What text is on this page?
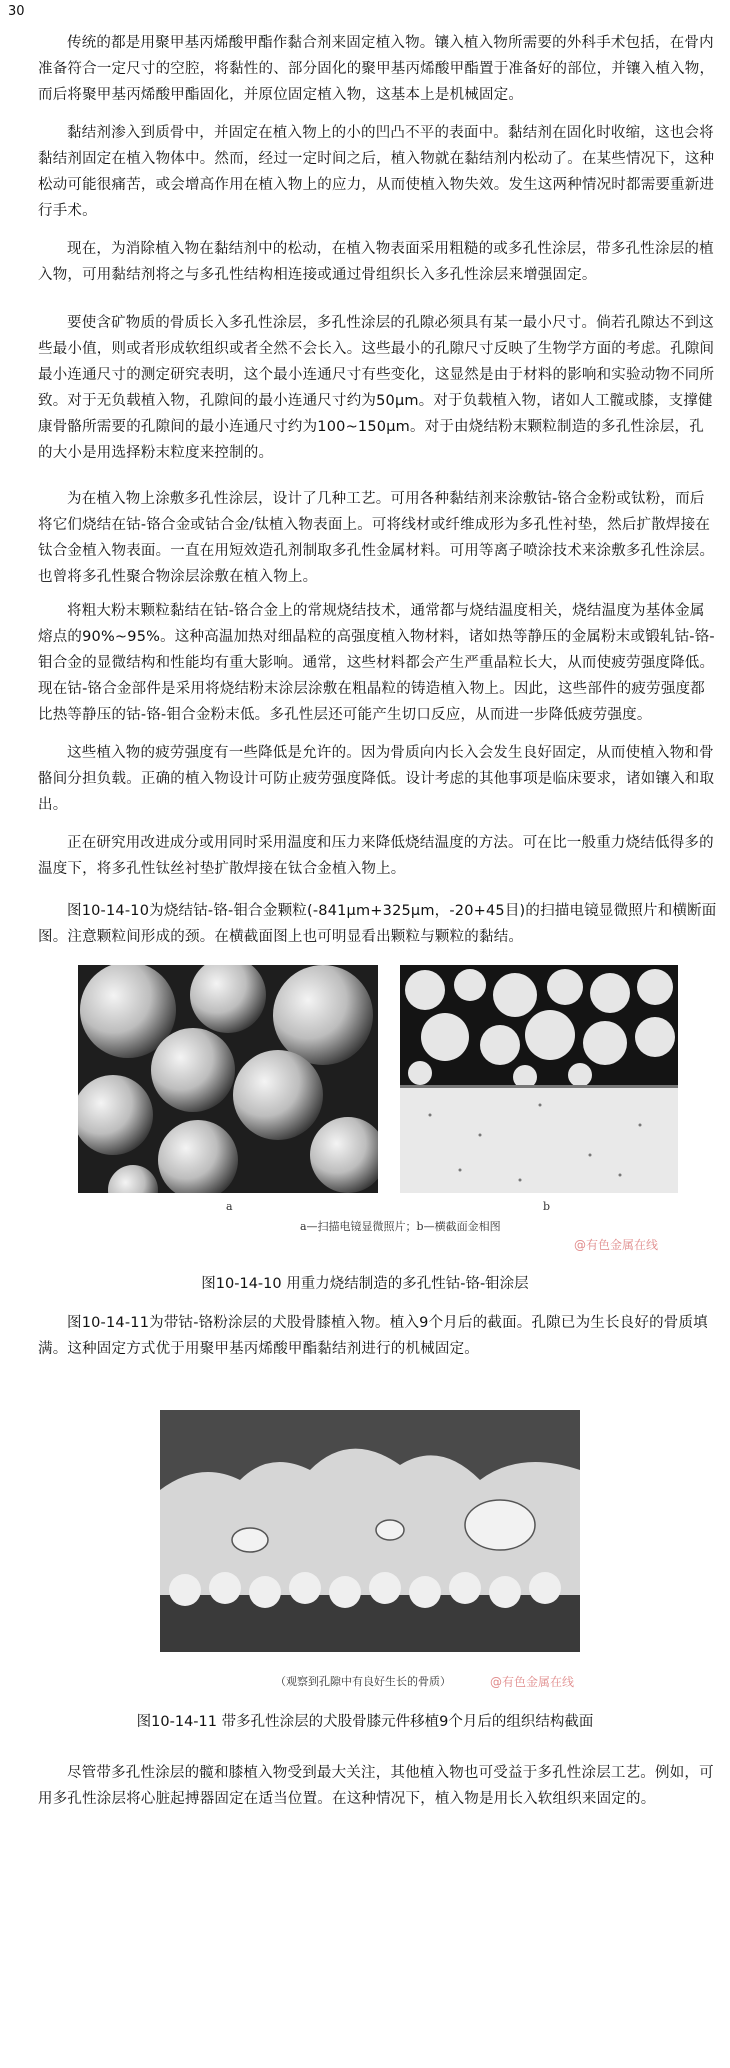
30

传统的都是用聚甲基丙烯酸甲酯作黏合剂来固定植入物。镶入植入物所需要的外科手术包括，在骨内准备符合一定尺寸的空腔，将黏性的、部分固化的聚甲基丙烯酸甲酯置于准备好的部位，并镶入植入物，而后将聚甲基丙烯酸甲酯固化，并原位固定植入物，这基本上是机械固定。

黏结剂渗入到质骨中，并固定在植入物上的小的凹凸不平的表面中。黏结剂在固化时收缩，这也会将黏结剂固定在植入物体中。然而，经过一定时间之后，植入物就在黏结剂内松动了。在某些情况下，这种松动可能很痛苦，或会增高作用在植入物上的应力，从而使植入物失效。发生这两种情况时都需要重新进行手术。

现在，为消除植入物在黏结剂中的松动，在植入物表面采用粗糙的或多孔性涂层，带多孔性涂层的植入物，可用黏结剂将之与多孔性结构相连接或通过骨组织长入多孔性涂层来增强固定。

要使含矿物质的骨质长入多孔性涂层，多孔性涂层的孔隙必须具有某一最小尺寸。倘若孔隙达不到这些最小值，则或者形成软组织或者全然不会长入。这些最小的孔隙尺寸反映了生物学方面的考虑。孔隙间最小连通尺寸的测定研究表明，这个最小连通尺寸有些变化，这显然是由于材料的影响和实验动物不同所致。对于无负载植入物，孔隙间的最小连通尺寸约为50μm。对于负载植入物，诸如人工髋或膝，支撑健康骨骼所需要的孔隙间的最小连通尺寸约为100~150μm。对于由烧结粉末颗粒制造的多孔性涂层，孔的大小是用选择粉末粒度来控制的。

为在植入物上涂敷多孔性涂层，设计了几种工艺。可用各种黏结剂来涂敷钴-铬合金粉或钛粉，而后将它们烧结在钴-铬合金或钴合金/钛植入物表面上。可将线材或纤维成形为多孔性衬垫，然后扩散焊接在钛合金植入物表面。一直在用短效造孔剂制取多孔性金属材料。可用等离子喷涂技术来涂敷多孔性涂层。也曾将多孔性聚合物涂层涂敷在植入物上。

将粗大粉末颗粒黏结在钴-铬合金上的常规烧结技术，通常都与烧结温度相关，烧结温度为基体金属熔点的90%~95%。这种高温加热对细晶粒的高强度植入物材料，诸如热等静压的金属粉末或锻轧钴-铬-钼合金的显微结构和性能均有重大影响。通常，这些材料都会产生严重晶粒长大，从而使疲劳强度降低。现在钴-铬合金部件是采用将烧结粉末涂层涂敷在粗晶粒的铸造植入物上。因此，这些部件的疲劳强度都比热等静压的钴-铬-钼合金粉末低。多孔性层还可能产生切口反应，从而进一步降低疲劳强度。

这些植入物的疲劳强度有一些降低是允许的。因为骨质向内长入会发生良好固定，从而使植入物和骨骼间分担负载。正确的植入物设计可防止疲劳强度降低。设计考虑的其他事项是临床要求，诸如镶入和取出。

正在研究用改进成分或用同时采用温度和压力来降低烧结温度的方法。可在比一般重力烧结低得多的温度下，将多孔性钛丝衬垫扩散焊接在钛合金植入物上。

图10-14-10为烧结钴-铬-钼合金颗粒(-841μm+325μm，-20+45目)的扫描电镜显微照片和横断面图。注意颗粒间形成的颈。在横截面图上也可明显看出颗粒与颗粒的黏结。

a	b
a—扫描电镜显微照片；b—横截面金相图
@有色金属在线
图10-14-10 用重力烧结制造的多孔性钴-铬-钼涂层

图10-14-11为带钴-铬粉涂层的犬股骨膝植入物。植入9个月后的截面。孔隙已为生长良好的骨质填满。这种固定方式优于用聚甲基丙烯酸甲酯黏结剂进行的机械固定。

（观察到孔隙中有良好生长的骨质）	@有色金属在线
图10-14-11 带多孔性涂层的犬股骨膝元件移植9个月后的组织结构截面

尽管带多孔性涂层的髋和膝植入物受到最大关注，其他植入物也可受益于多孔性涂层工艺。例如，可用多孔性涂层将心脏起搏器固定在适当位置。在这种情况下，植入物是用长入软组织来固定的。
